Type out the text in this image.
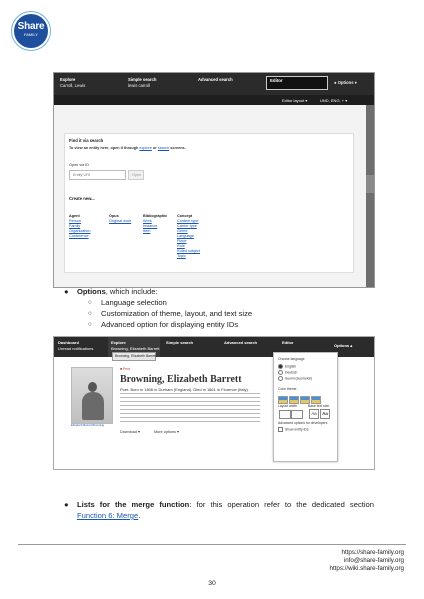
Share
FAMILY
Explore
Carroll, Lewis
Simple search
lewis carroll
Advanced search	Editor	● Options ▾
Editor layout ▾	UND, ENG, + ▾
Find it via search
To view an entity here, open it through explore or search screens.
Open via ID
Entity URI	Open
Create new...
Agent
Person
Family
Organization
Conference
Opus
Original work
Bibliographic
Work
Instance
Item
Concept
Content type
Carrier type
Genre
Language
Place
Role
Ruled subject
Topic
● Options, which include:
○ Language selection
○ Customization of theme, layout, and text size
○ Advanced option for displaying entity IDs
Dashboard
Unread notifications
Explore
Browning, Elizabeth Barrett
Simple search	Advanced search	Editor
Options ▴
Browning, Elizabeth Barrett
Elizabeth Barrett Browning
■ Print
Browning, Elizabeth Barrett
Poet. Born in 1806 in Durham (England). Died in 1861 in Florence (Italy).
Download ▾	More options ▾
Choose language
English
Deutsch
Suomi (suomeksi)
Color theme
Layout width	Base text size
Aa	Aa
Advanced options for developers
Show entity IDs
● Lists for the merge function: for this operation refer to the dedicated section
Function 6: Merge.
https://share-family.org
info@share-family.org
https://wiki.share-family.org
30
